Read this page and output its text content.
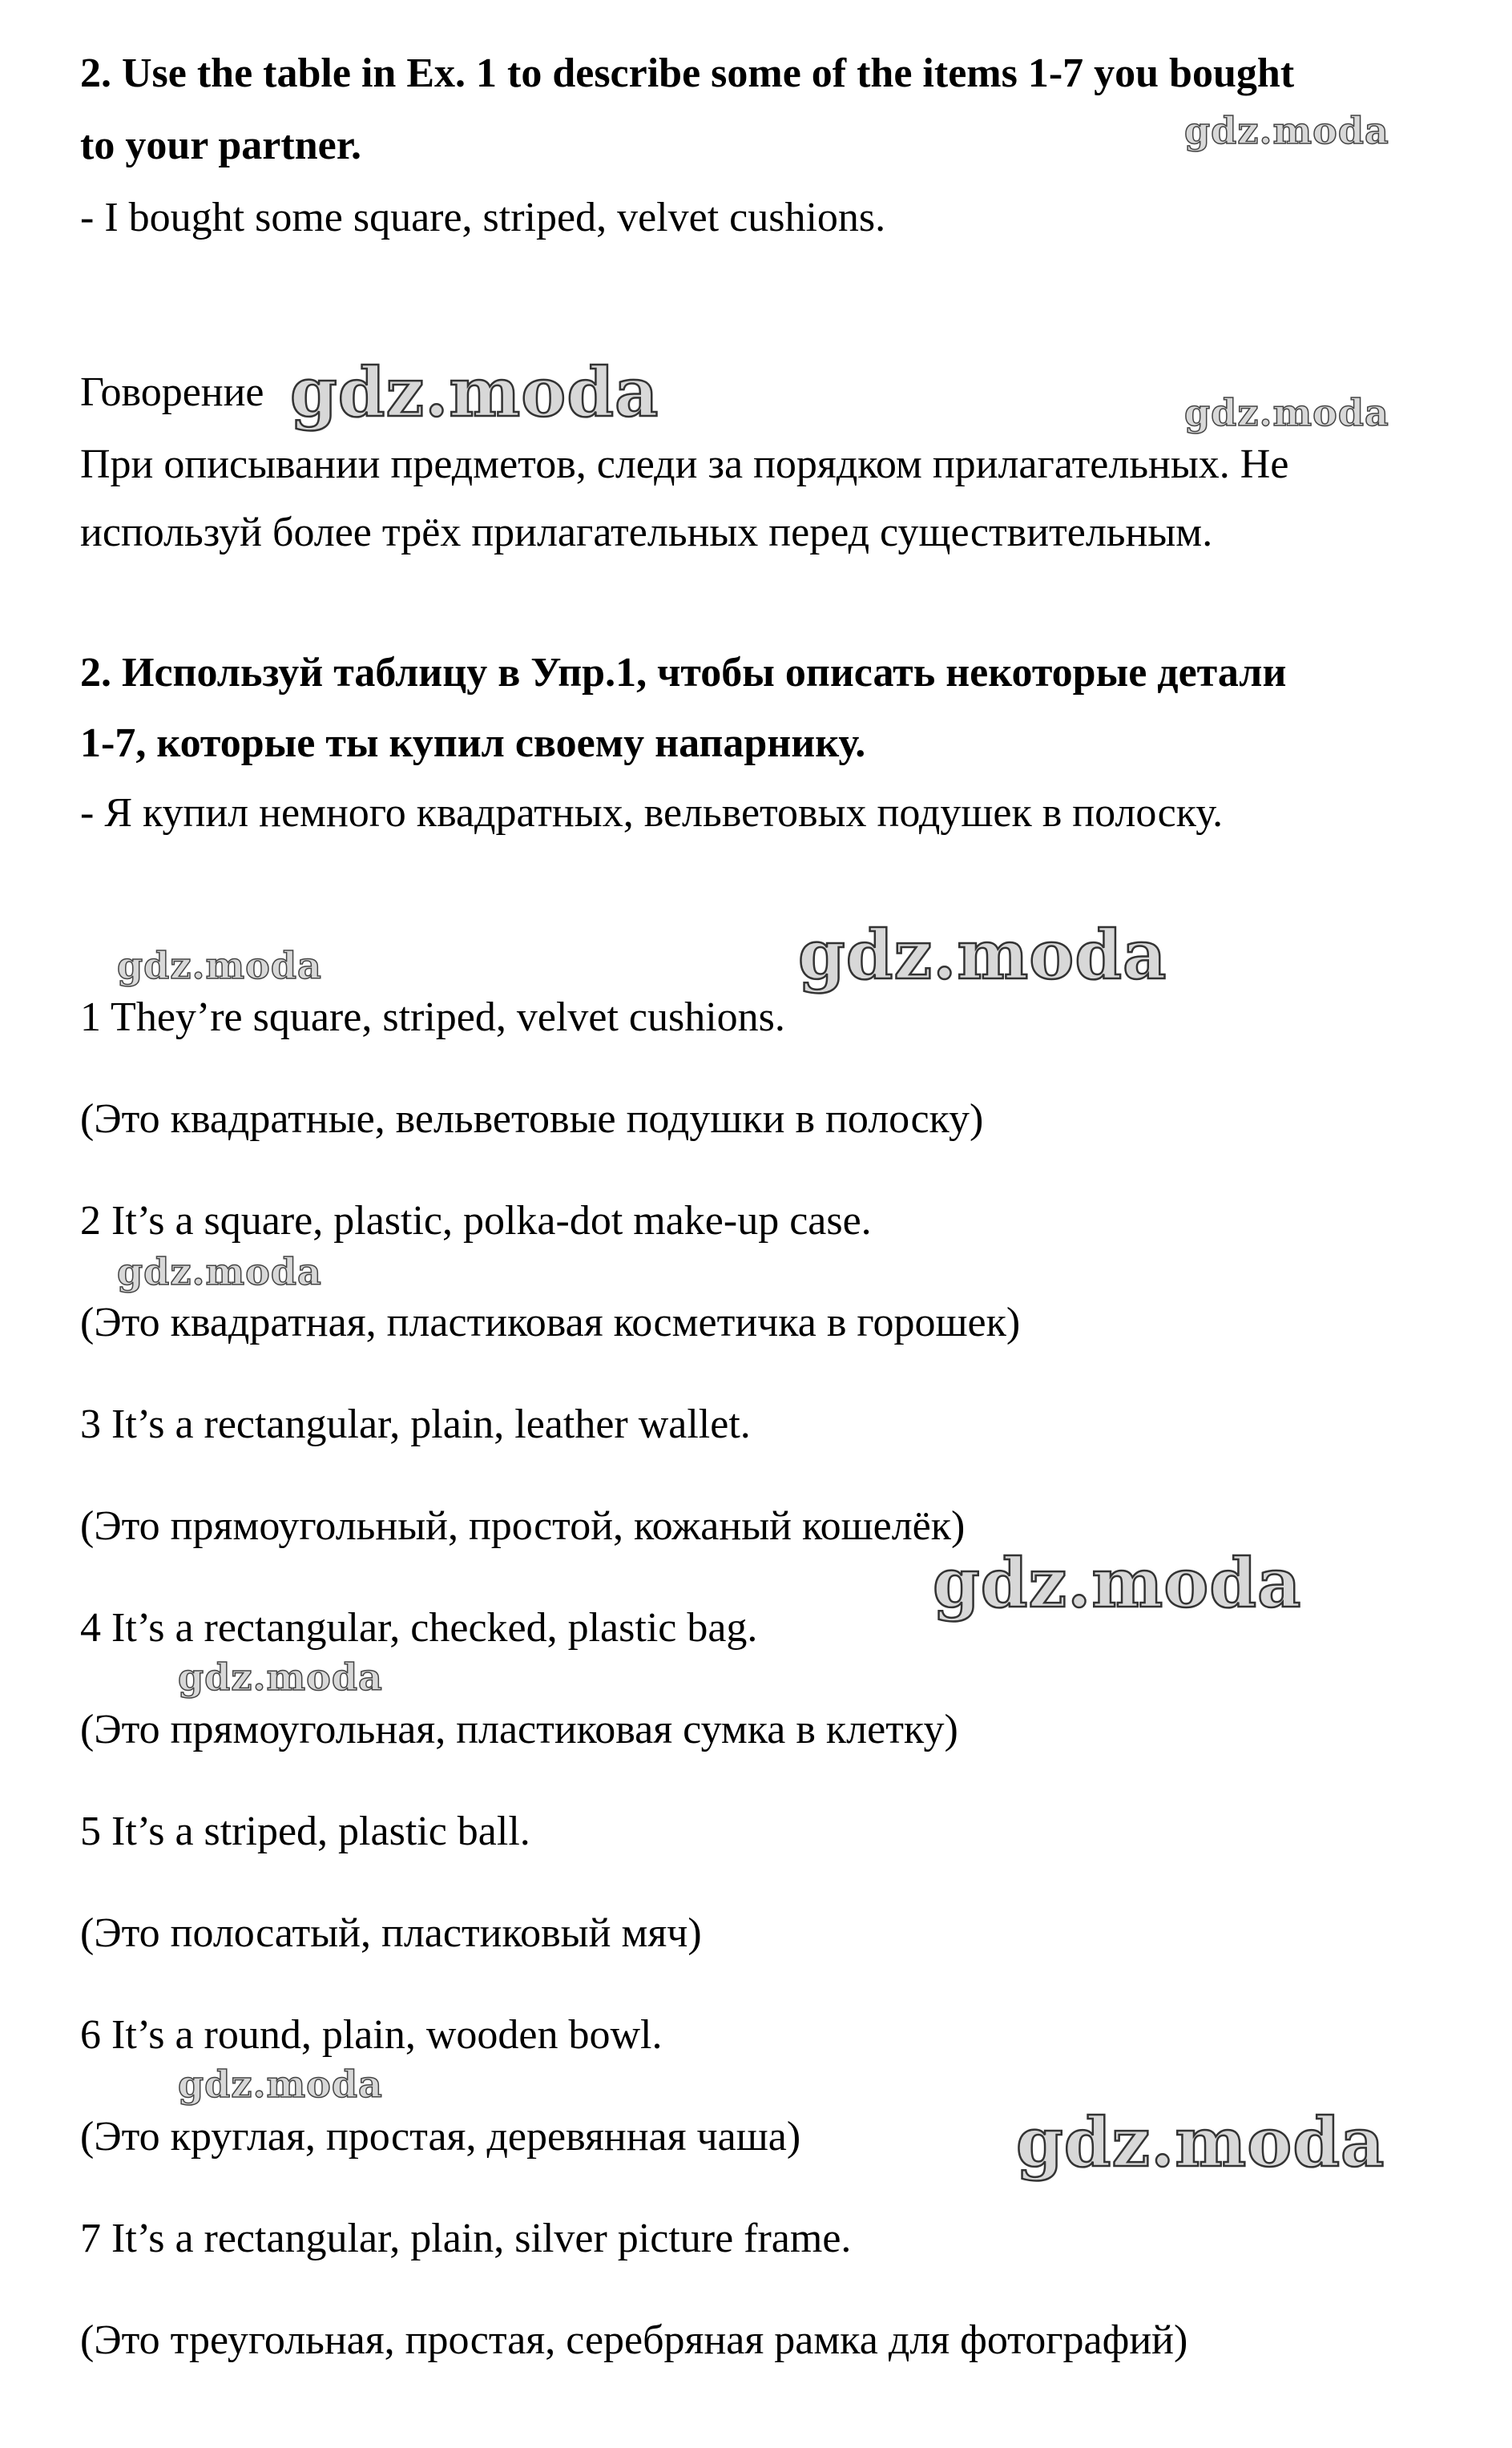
2. Use the table in Ex. 1 to describe some of the items 1-7 you bought
to your partner.
- I bought some square, striped, velvet cushions.
Говорение
При описывании предметов, следи за порядком прилагательных. Не
используй более трёх прилагательных перед существительным.
2. Используй таблицу в Упр.1, чтобы описать некоторые детали
1-7, которые ты купил своему напарнику.
- Я купил немного квадратных, вельветовых подушек в полоску.
1 They’re square, striped, velvet cushions.
(Это квадратные, вельветовые подушки в полоску)
2 It’s a square, plastic, polka-dot make-up case.
(Это квадратная, пластиковая косметичка в горошек)
3 It’s a rectangular, plain, leather wallet.
(Это прямоугольный, простой, кожаный кошелёк)
4 It’s a rectangular, checked, plastic bag.
(Это прямоугольная, пластиковая сумка в клетку)
5 It’s a striped, plastic ball.
(Это полосатый, пластиковый мяч)
6 It’s a round, plain, wooden bowl.
(Это круглая, простая, деревянная чаша)
7 It’s a rectangular, plain, silver picture frame.
(Это треугольная, простая, серебряная рамка для фотографий)
gdz.moda
gdz.moda	gdz.moda
gdz.moda	gdz.moda
gdz.moda
gdz.moda
gdz.moda
gdz.moda
gdz.moda
